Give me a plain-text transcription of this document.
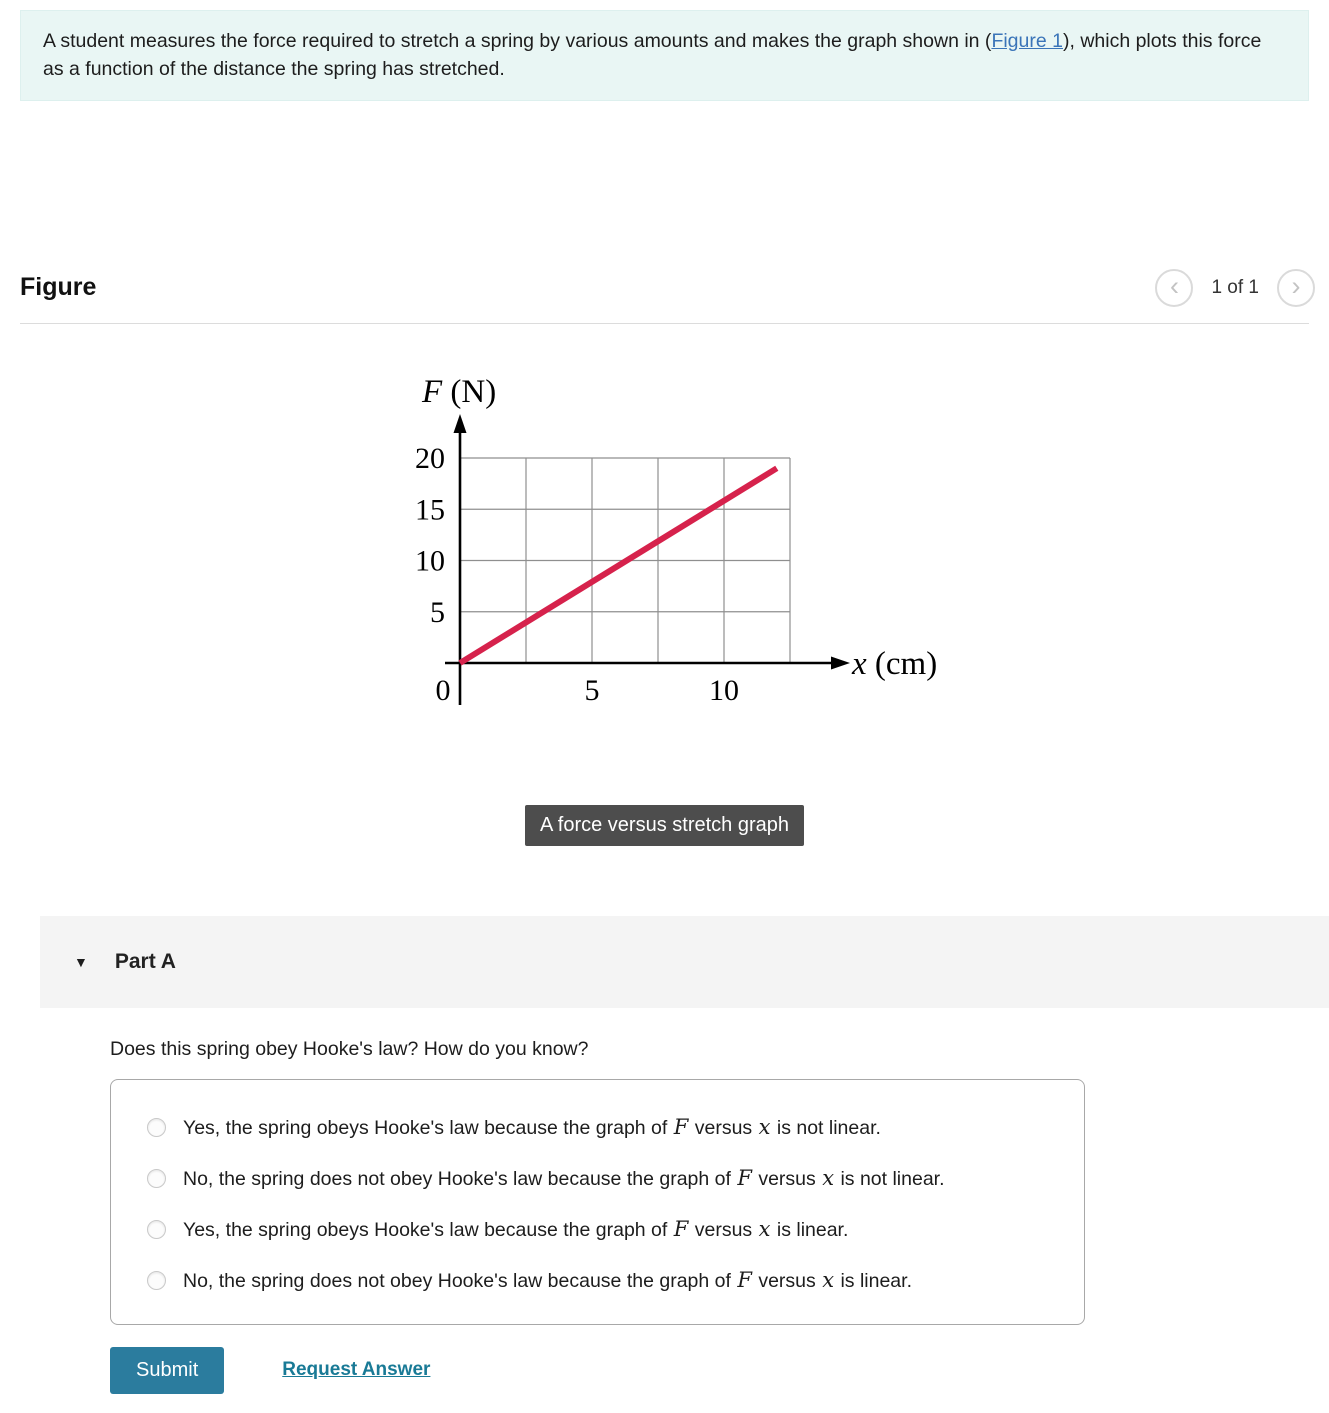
A student measures the force required to stretch a spring by various amounts and makes the graph shown in (Figure 1), which plots this force as a function of the distance the spring has stretched.
Figure	‹ 1 of 1 ›
0	5	10
5
10
15
20
F (N)
x (cm)
A force versus stretch graph
▼ Part A
Does this spring obey Hooke's law? How do you know?
Yes, the spring obeys Hooke's law because the graph of F versus x is not linear.
No, the spring does not obey Hooke's law because the graph of F versus x is not linear.
Yes, the spring obeys Hooke's law because the graph of F versus x is linear.
No, the spring does not obey Hooke's law because the graph of F versus x is linear.
Submit	Request Answer
